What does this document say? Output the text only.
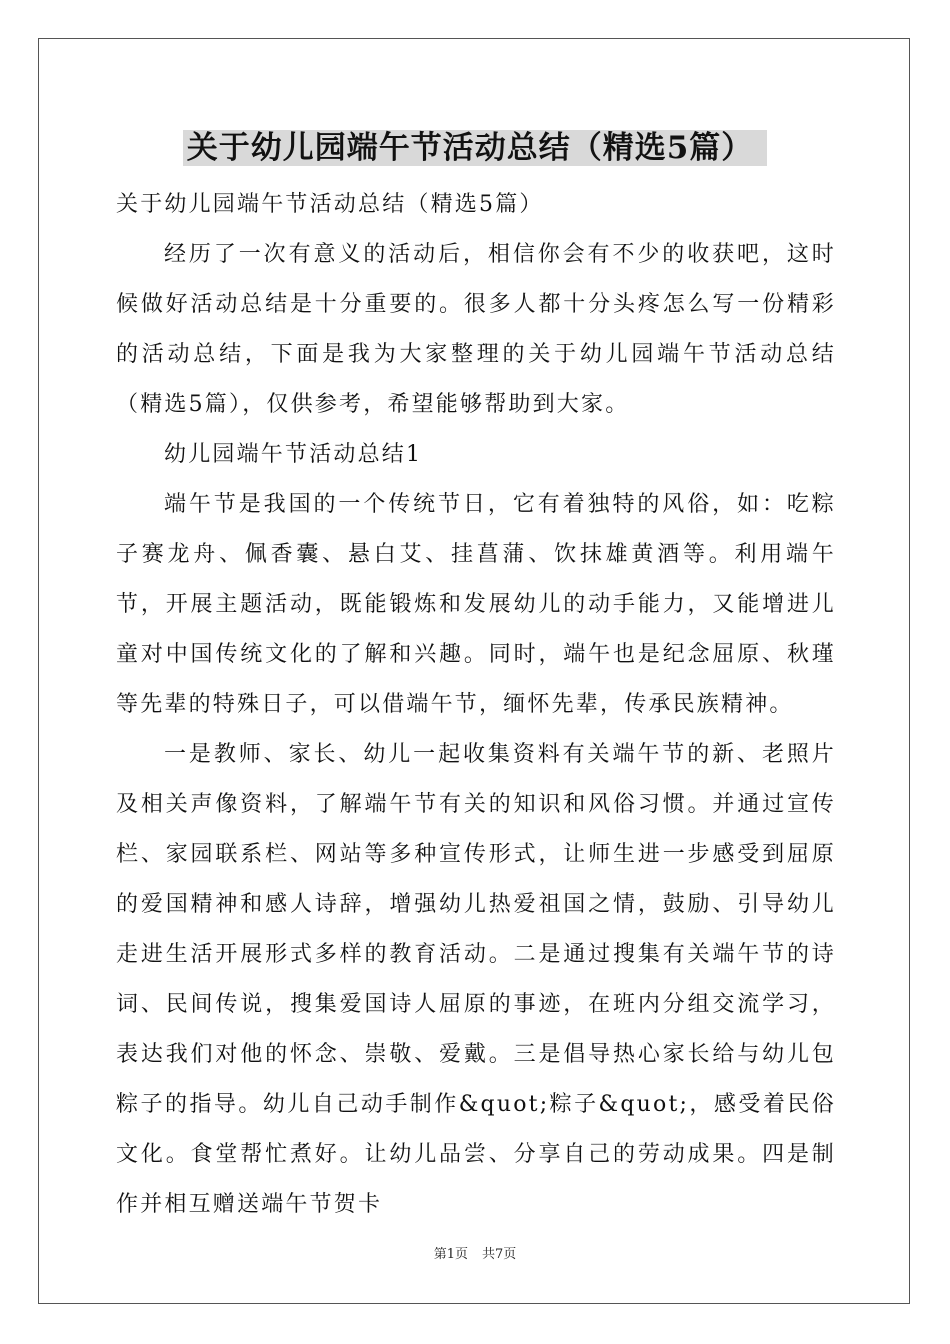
关于幼儿园端午节活动总结（精选5篇）

关于幼儿园端午节活动总结（精选5篇）

经历了一次有意义的活动后，相信你会有不少的收获吧，这时候做好活动总结是十分重要的。很多人都十分头疼怎么写一份精彩的活动总结，下面是我为大家整理的关于幼儿园端午节活动总结（精选5篇），仅供参考，希望能够帮助到大家。

幼儿园端午节活动总结1

端午节是我国的一个传统节日，它有着独特的风俗，如：吃粽子赛龙舟、佩香囊、悬白艾、挂菖蒲、饮抹雄黄酒等。利用端午节，开展主题活动，既能锻炼和发展幼儿的动手能力，又能增进儿童对中国传统文化的了解和兴趣。同时，端午也是纪念屈原、秋瑾等先辈的特殊日子，可以借端午节，缅怀先辈，传承民族精神。

一是教师、家长、幼儿一起收集资料有关端午节的新、老照片及相关声像资料，了解端午节有关的知识和风俗习惯。并通过宣传栏、家园联系栏、网站等多种宣传形式，让师生进一步感受到屈原的爱国精神和感人诗辞，增强幼儿热爱祖国之情，鼓励、引导幼儿走进生活开展形式多样的教育活动。二是通过搜集有关端午节的诗词、民间传说，搜集爱国诗人屈原的事迹，在班内分组交流学习，表达我们对他的怀念、崇敬、爱戴。三是倡导热心家长给与幼儿包粽子的指导。幼儿自己动手制作&quot;粽子&quot;，感受着民俗文化。食堂帮忙煮好。让幼儿品尝、分享自己的劳动成果。四是制作并相互赠送端午节贺卡

第1页 共7页
